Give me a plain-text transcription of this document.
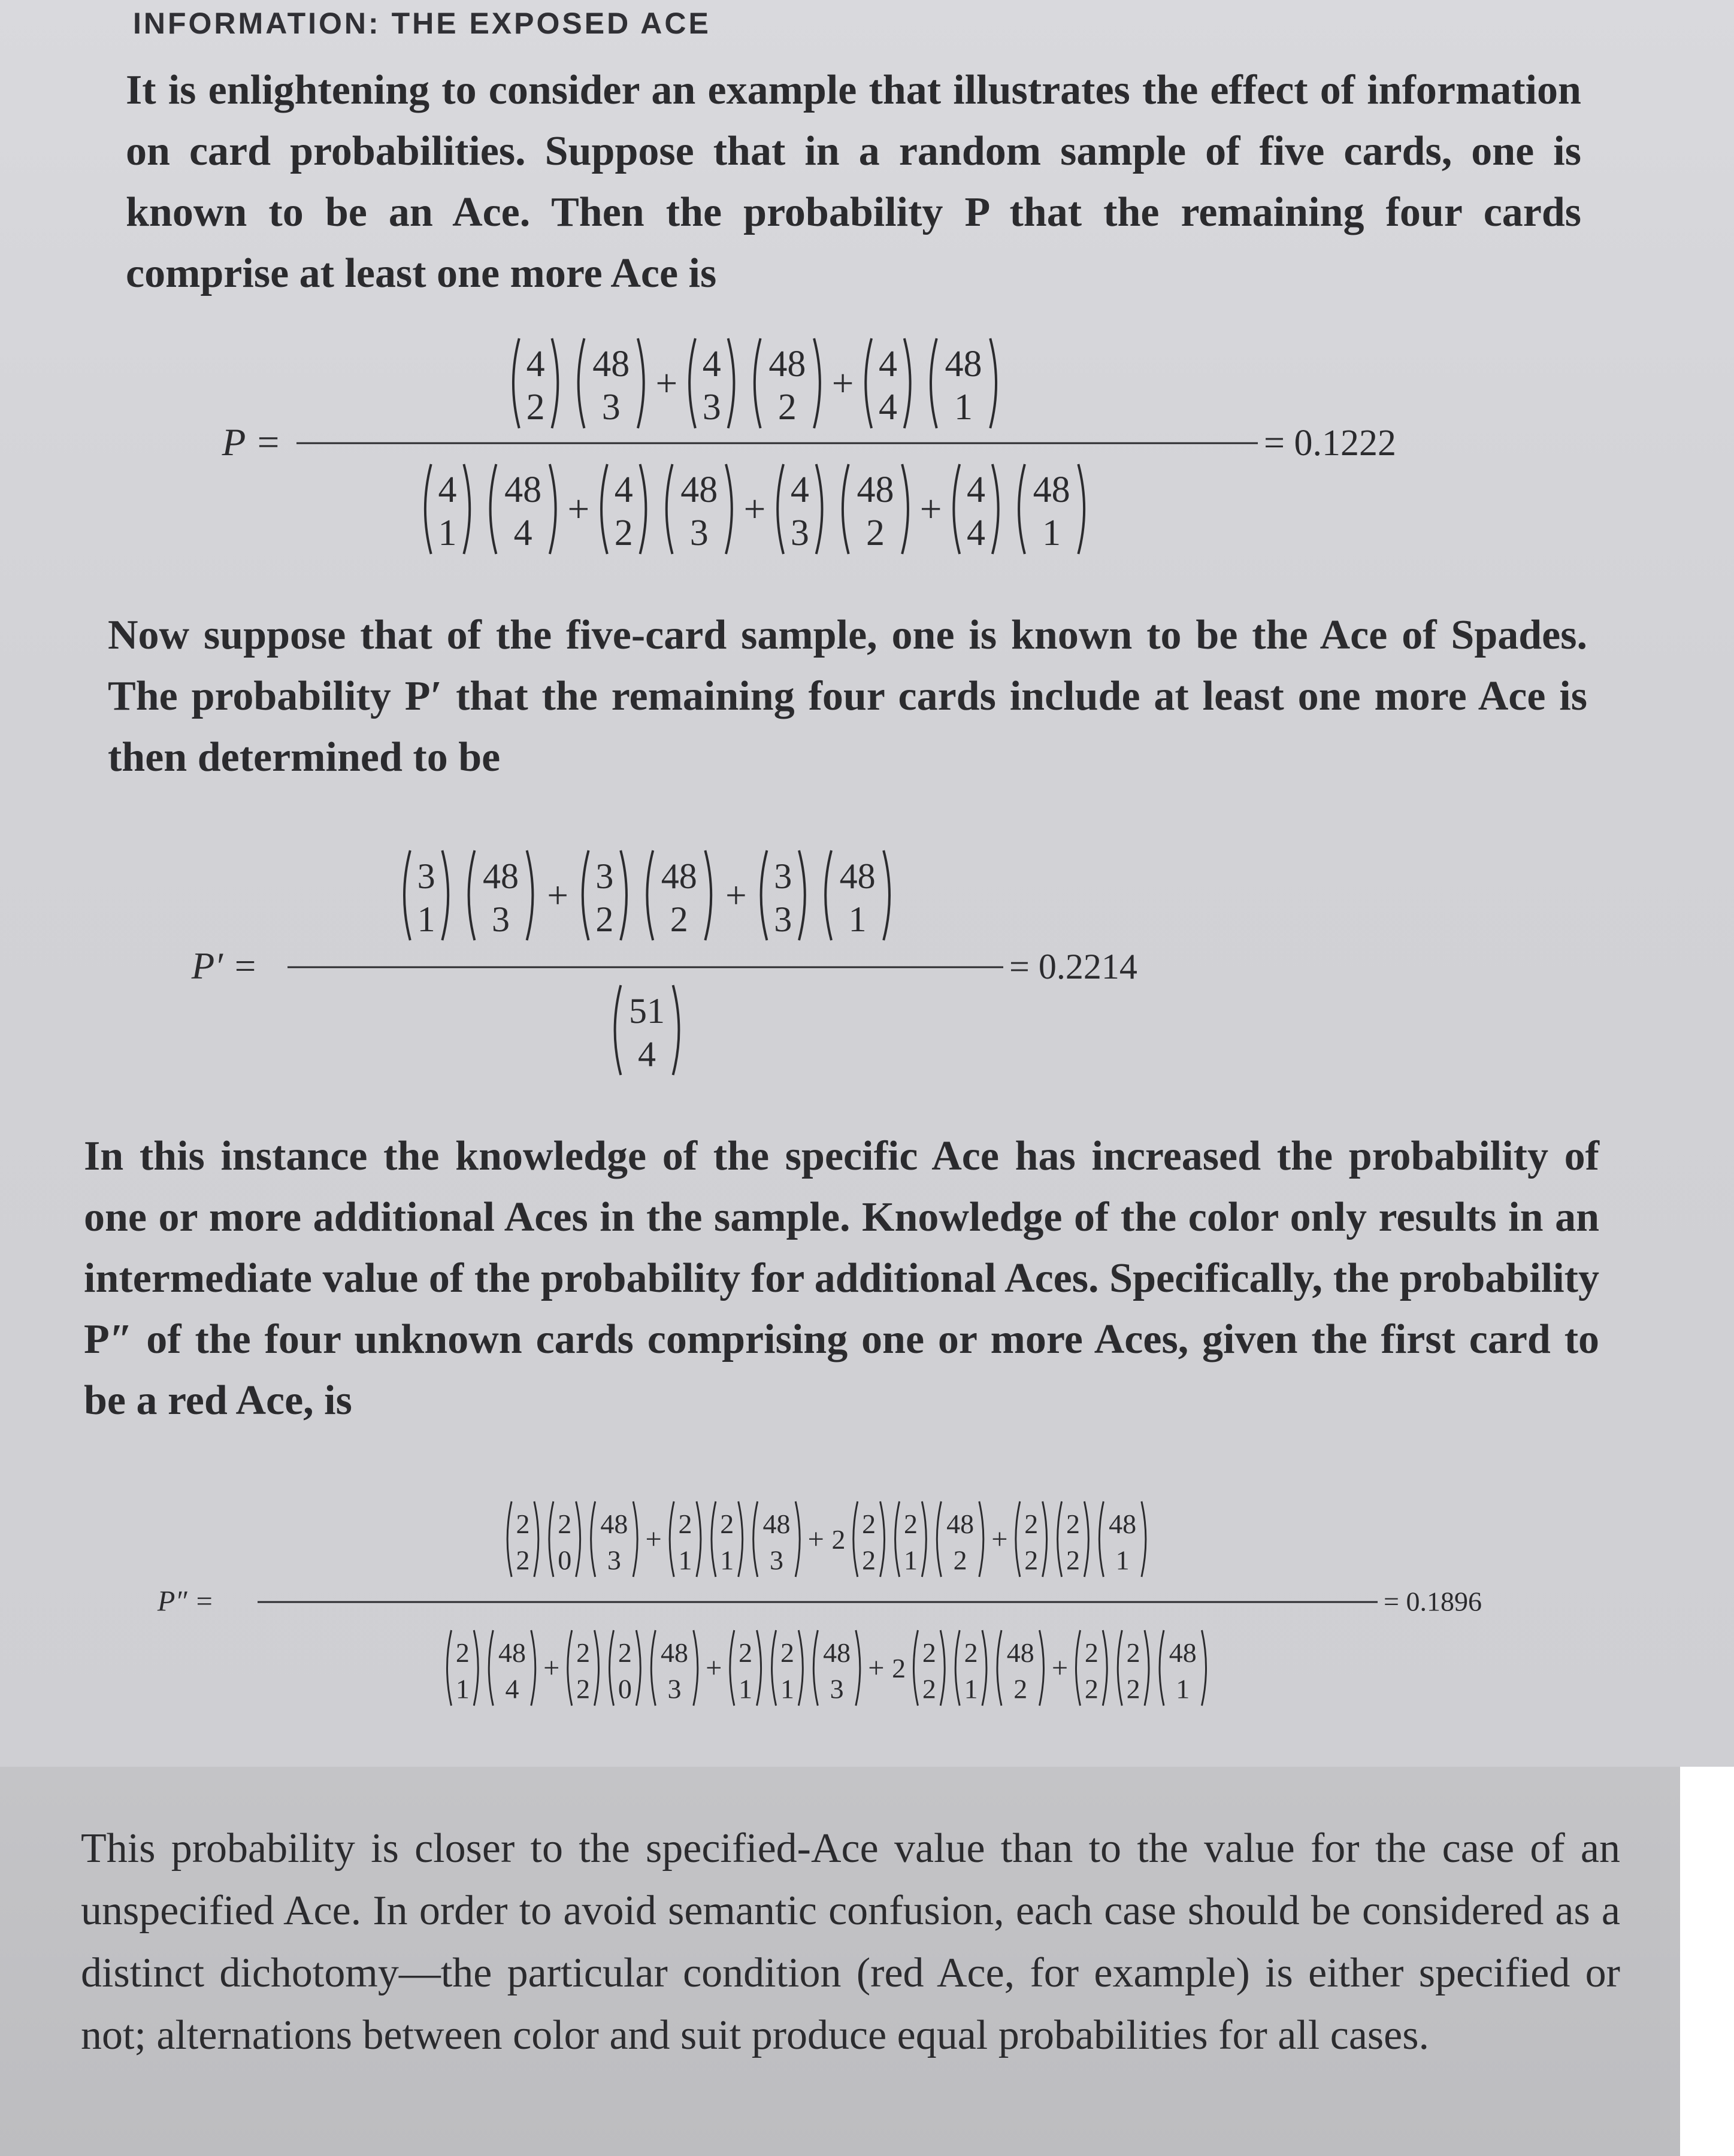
INFORMATION: THE EXPOSED ACE

It is enlightening to consider an example that illustrates the effect of information on card probabilities. Suppose that in a random sample of five cards, one is known to be an Ace. Then the probability P that the remaining four cards comprise at least one more Ace is

P =
4
2
48
3
+ 4
3
48
2
+ 4
4
48
1
4
1
48
4
+ 4
2
48
3
+ 4
3
48
2
+ 4
4
48
1
= 0.1222

Now suppose that of the five-card sample, one is known to be the Ace of Spades. The probability P′ that the remaining four cards include at least one more Ace is then determined to be

P′ =
3
1
48
3
+ 3
2
48
2
+ 3
3
48
1
51
4
= 0.2214

In this instance the knowledge of the specific Ace has increased the probability of one or more additional Aces in the sample. Knowledge of the color only results in an intermediate value of the probability for additional Aces. Specifically, the probability P″ of the four unknown cards comprising one or more Aces, given the first card to be a red Ace, is

P″ =
2
2
2
0
48
3
+ 2
1
2
1
48
3
+ 2
2
2
2
1
48
2
+ 2
2
2
2
48
1
2
1
48
4
+ 2
2
2
0
48
3
+ 2
1
2
1
48
3
+ 2
2
2
2
1
48
2
+ 2
2
2
2
48
1
= 0.1896

This probability is closer to the specified-Ace value than to the value for the case of an unspecified Ace. In order to avoid semantic confusion, each case should be considered as a distinct dichotomy—the particular condition (red Ace, for example) is either specified or not; alternations between color and suit produce equal probabilities for all cases.
